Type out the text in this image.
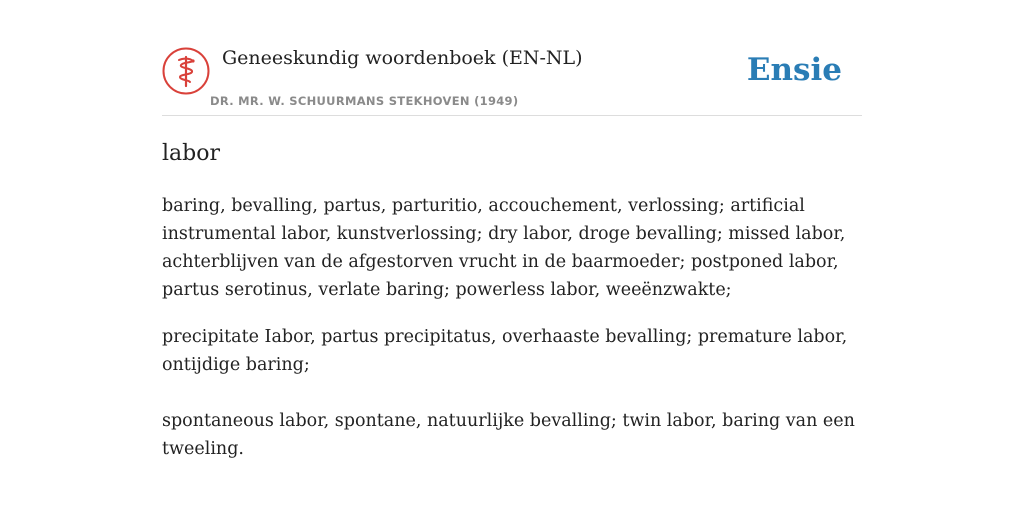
Geneeskundig woordenboek (EN-NL)
DR. MR. W. SCHUURMANS STEKHOVEN (1949)
Ensie
labor

baring, bevalling, partus, parturitio, accouchement, verlossing; artificial instrumental labor, kunstverlossing; dry labor, droge bevalling; missed labor, achterblijven van de afgestorven vrucht in de baarmoeder; postponed labor, partus serotinus, verlate baring; powerless labor, weeënzwakte;

precipitate Iabor, partus precipitatus, overhaaste bevalling; premature labor, ontijdige baring;

spontaneous labor, spontane, natuurlijke bevalling; twin labor, baring van een tweeling.
